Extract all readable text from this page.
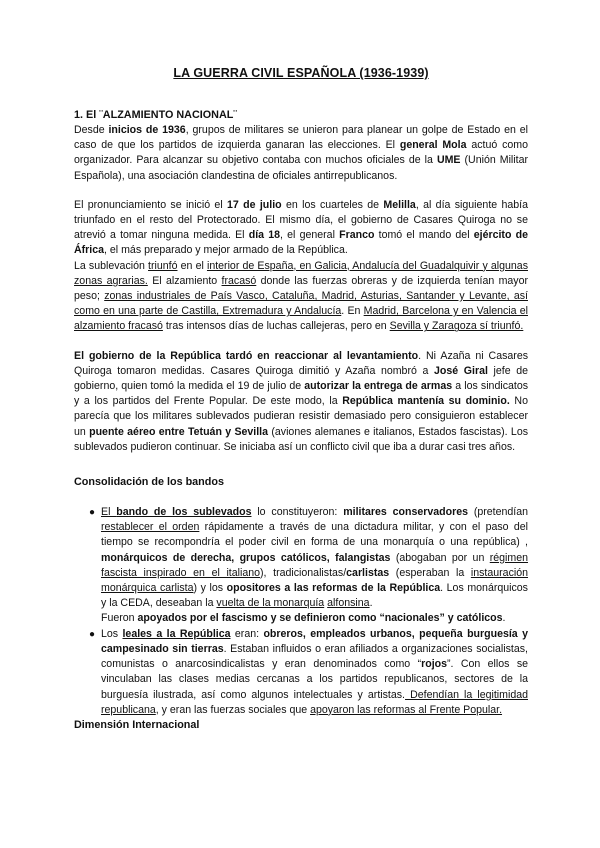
LA GUERRA CIVIL ESPAÑOLA (1936-1939)
1. El ¨ALZAMIENTO NACIONAL¨

Desde inicios de 1936, grupos de militares se unieron para planear un golpe de Estado en el caso de que los partidos de izquierda ganaran las elecciones. El general Mola actuó como organizador. Para alcanzar su objetivo contaba con muchos oficiales de la UME (Unión Militar Española), una asociación clandestina de oficiales antirrepublicanos.

El pronunciamiento se inició el 17 de julio en los cuarteles de Melilla, al día siguiente había triunfado en el resto del Protectorado. El mismo día, el gobierno de Casares Quiroga no se atrevió a tomar ninguna medida. El día 18, el general Franco tomó el mando del ejército de África, el más preparado y mejor armado de la República.

La sublevación triunfó en el interior de España, en Galicia, Andalucía del Guadalquivir y algunas zonas agrarias. El alzamiento fracasó donde las fuerzas obreras y de izquierda tenían mayor peso; zonas industriales de País Vasco, Cataluña, Madrid, Asturias, Santander y Levante, así como en una parte de Castilla, Extremadura y Andalucía. En Madrid, Barcelona y en Valencia el alzamiento fracasó tras intensos días de luchas callejeras, pero en Sevilla y Zaragoza sí triunfó.

El gobierno de la República tardó en reaccionar al levantamiento. Ni Azaña ni Casares Quiroga tomaron medidas. Casares Quiroga dimitió y Azaña nombró a José Giral jefe de gobierno, quien tomó la medida el 19 de julio de autorizar la entrega de armas a los sindicatos y a los partidos del Frente Popular. De este modo, la República mantenía su dominio. No parecía que los militares sublevados pudieran resistir demasiado pero consiguieron establecer un puente aéreo entre Tetuán y Sevilla (aviones alemanes e italianos, Estados fascistas). Los sublevados pudieron continuar. Se iniciaba así un conflicto civil que iba a durar casi tres años.

Consolidación de los bandos
● El bando de los sublevados lo constituyeron: militares conservadores (pretendían restablecer el orden rápidamente a través de una dictadura militar, y con el paso del tiempo se recompondría el poder civil en forma de una monarquía o una república) , monárquicos de derecha, grupos católicos, falangistas (abogaban por un régimen fascista inspirado en el italiano), tradicionalistas/carlistas (esperaban la instauración monárquica carlista) y los opositores a las reformas de la República. Los monárquicos y la CEDA, deseaban la vuelta de la monarquía alfonsina.
Fueron apoyados por el fascismo y se definieron como “nacionales” y católicos.
● Los leales a la República eran: obreros, empleados urbanos, pequeña burguesía y campesinado sin tierras. Estaban influidos o eran afiliados a organizaciones socialistas, comunistas o anarcosindicalistas y eran denominados como “rojos”. Con ellos se vinculaban las clases medias cercanas a los partidos republicanos, sectores de la burguesía ilustrada, así como algunos intelectuales y artistas. Defendían la legitimidad republicana, y eran las fuerzas sociales que apoyaron las reformas al Frente Popular.
Dimensión Internacional
